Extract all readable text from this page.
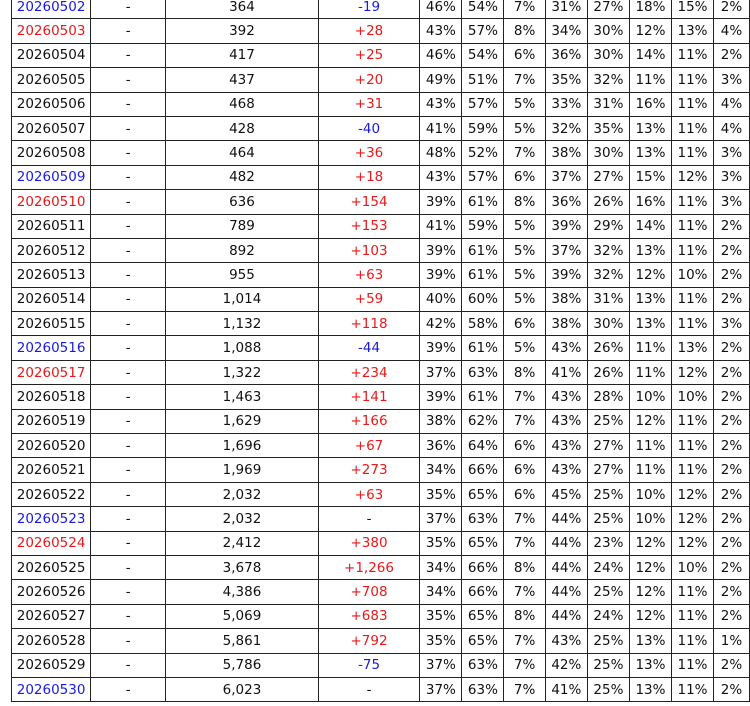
20260502	-	364	-19	46%	54%	7%	31%	27%	18%	15%	2%
20260503	-	392	+28	43%	57%	8%	34%	30%	12%	13%	4%
20260504	-	417	+25	46%	54%	6%	36%	30%	14%	11%	2%
20260505	-	437	+20	49%	51%	7%	35%	32%	11%	11%	3%
20260506	-	468	+31	43%	57%	5%	33%	31%	16%	11%	4%
20260507	-	428	-40	41%	59%	5%	32%	35%	13%	11%	4%
20260508	-	464	+36	48%	52%	7%	38%	30%	13%	11%	3%
20260509	-	482	+18	43%	57%	6%	37%	27%	15%	12%	3%
20260510	-	636	+154	39%	61%	8%	36%	26%	16%	11%	3%
20260511	-	789	+153	41%	59%	5%	39%	29%	14%	11%	2%
20260512	-	892	+103	39%	61%	5%	37%	32%	13%	11%	2%
20260513	-	955	+63	39%	61%	5%	39%	32%	12%	10%	2%
20260514	-	1,014	+59	40%	60%	5%	38%	31%	13%	11%	2%
20260515	-	1,132	+118	42%	58%	6%	38%	30%	13%	11%	3%
20260516	-	1,088	-44	39%	61%	5%	43%	26%	11%	13%	2%
20260517	-	1,322	+234	37%	63%	8%	41%	26%	11%	12%	2%
20260518	-	1,463	+141	39%	61%	7%	43%	28%	10%	10%	2%
20260519	-	1,629	+166	38%	62%	7%	43%	25%	12%	11%	2%
20260520	-	1,696	+67	36%	64%	6%	43%	27%	11%	11%	2%
20260521	-	1,969	+273	34%	66%	6%	43%	27%	11%	11%	2%
20260522	-	2,032	+63	35%	65%	6%	45%	25%	10%	12%	2%
20260523	-	2,032	-	37%	63%	7%	44%	25%	10%	12%	2%
20260524	-	2,412	+380	35%	65%	7%	44%	23%	12%	12%	2%
20260525	-	3,678	+1,266	34%	66%	8%	44%	24%	12%	10%	2%
20260526	-	4,386	+708	34%	66%	7%	44%	25%	12%	11%	2%
20260527	-	5,069	+683	35%	65%	8%	44%	24%	12%	11%	2%
20260528	-	5,861	+792	35%	65%	7%	43%	25%	13%	11%	1%
20260529	-	5,786	-75	37%	63%	7%	42%	25%	13%	11%	2%
20260530	-	6,023	-	37%	63%	7%	41%	25%	13%	11%	2%
